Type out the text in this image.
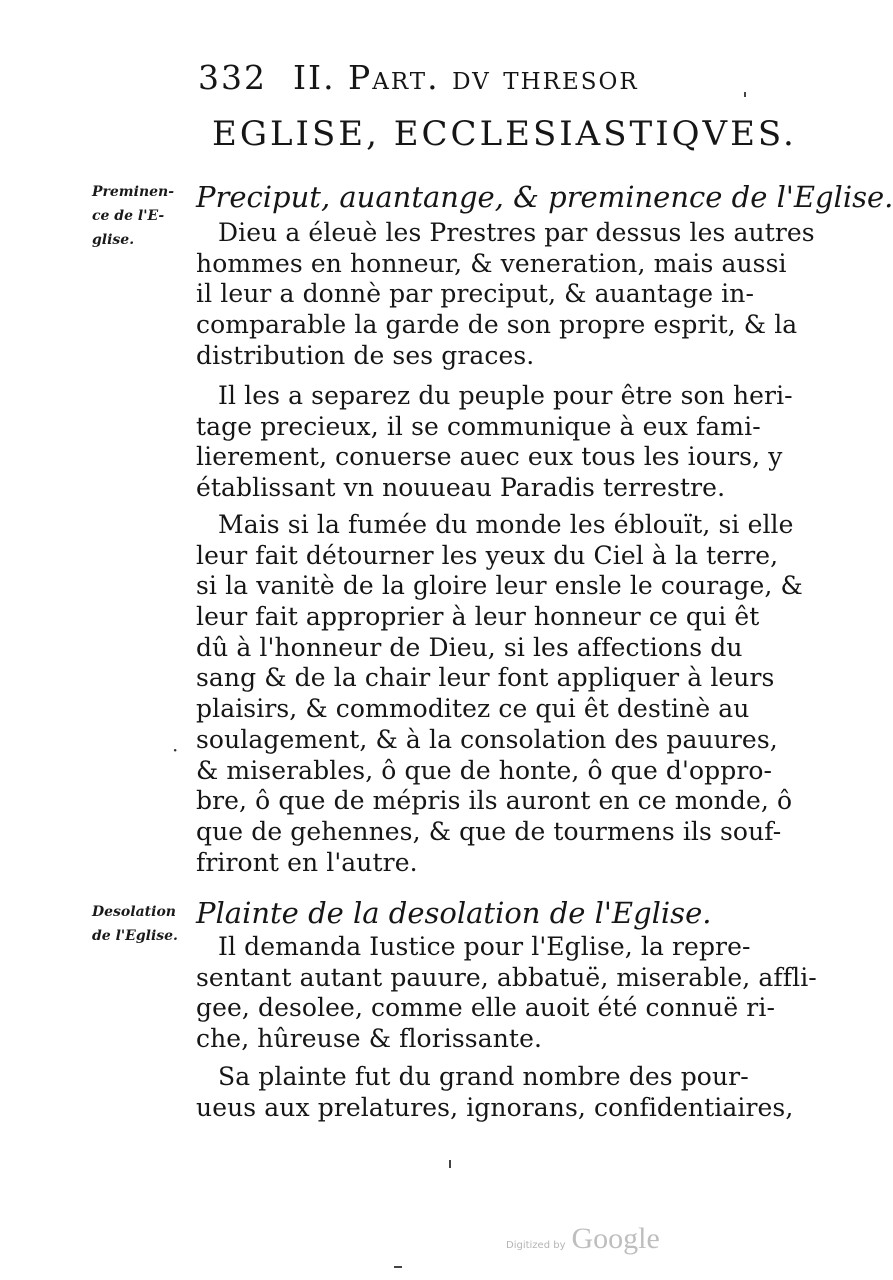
332 II. Part. dv thresor
EGLISE, ECCLESIASTIQVES.
Preminen-
ce de l'E-
glise.
Preciput, auantange, & preminence de l'Eglise.
Dieu a éleuè les Prestres par dessus les autres
hommes en honneur, & veneration, mais aussi
il leur a donnè par preciput, & auantage in-
comparable la garde de son propre esprit, & la
distribution de ses graces.
Il les a separez du peuple pour être son heri-
tage precieux, il se communique à eux fami-
lierement, conuerse auec eux tous les iours, y
établissant vn nouueau Paradis terrestre.
Mais si la fumée du monde les éblouït, si elle
leur fait détourner les yeux du Ciel à la terre,
si la vanitè de la gloire leur ensle le courage, &
leur fait approprier à leur honneur ce qui êt
dû à l'honneur de Dieu, si les affections du
sang & de la chair leur font appliquer à leurs
plaisirs, & commoditez ce qui êt destinè au
soulagement, & à la consolation des pauures,
& miserables, ô que de honte, ô que d'oppro-
bre, ô que de mépris ils auront en ce monde, ô
que de gehennes, & que de tourmens ils souf-
friront en l'autre.
·
Desolation
de l'Eglise.
Plainte de la desolation de l'Eglise.
Il demanda Iustice pour l'Eglise, la repre-
sentant autant pauure, abbatuë, miserable, affli-
gee, desolee, comme elle auoit été connuë ri-
che, hûreuse & florissante.
Sa plainte fut du grand nombre des pour-
ueus aux prelatures, ignorans, confidentiaires,
Digitized by Google
